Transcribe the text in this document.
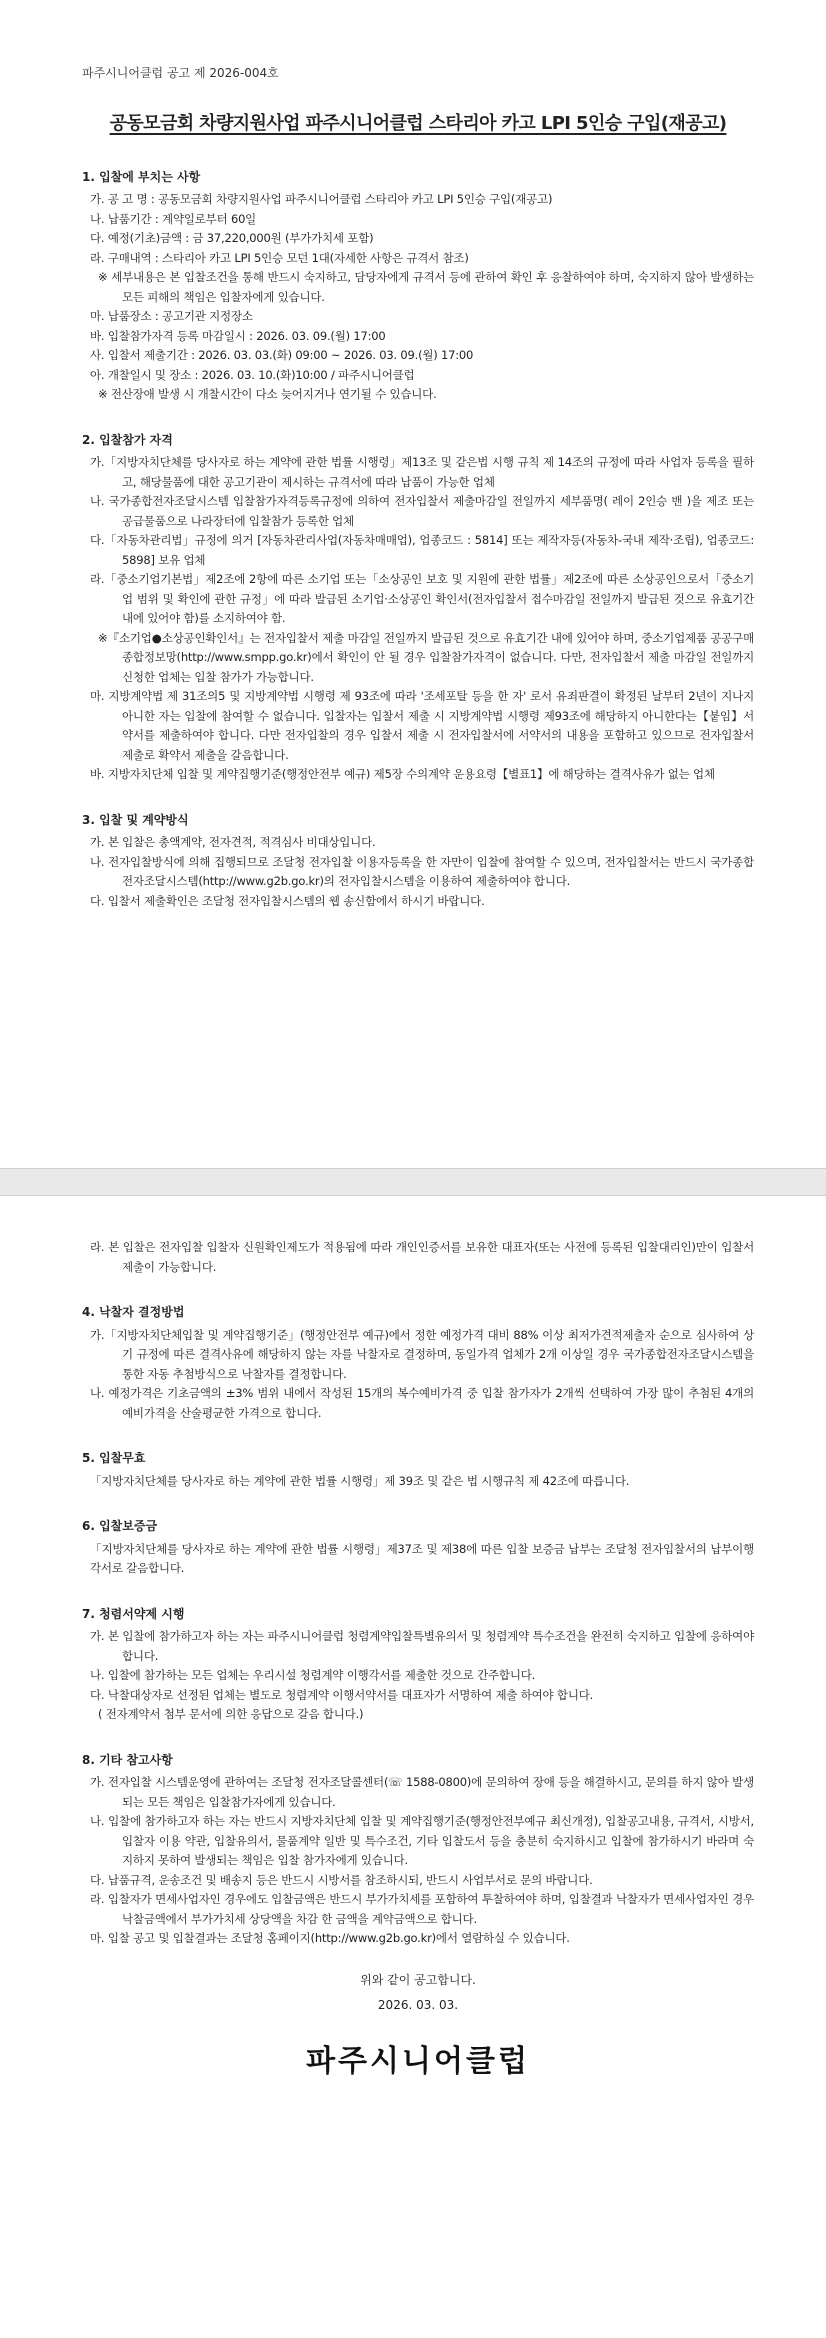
파주시니어클럽 공고 제 2026-004호
공동모금회 차량지원사업 파주시니어클럽 스타리아 카고 LPI 5인승 구입(재공고)
1. 입찰에 부치는 사항
가. 공 고 명 : 공동모금회 차량지원사업 파주시니어클럽 스타리아 카고 LPI 5인승 구입(재공고)
나. 납품기간 : 계약일로부터 60일
다. 예정(기초)금액 : 금 37,220,000원 (부가가치세 포함)
라. 구매내역 : 스타리아 카고 LPI 5인승 모던 1대(자세한 사항은 규격서 참조)
※ 세부내용은 본 입찰조건을 통해 반드시 숙지하고, 담당자에게 규격서 등에 관하여 확인 후 응찰하여야 하며, 숙지하지 않아 발생하는 모든 피해의 책임은 입찰자에게 있습니다.
마. 납품장소 : 공고기관 지정장소
바. 입찰참가자격 등록 마감일시 : 2026. 03. 09.(월) 17:00
사. 입찰서 제출기간 : 2026. 03. 03.(화) 09:00 ~ 2026. 03. 09.(월) 17:00
아. 개찰일시 및 장소 : 2026. 03. 10.(화)10:00 / 파주시니어클럽
※ 전산장애 발생 시 개찰시간이 다소 늦어지거나 연기될 수 있습니다.
2. 입찰참가 자격
가.「지방자치단체를 당사자로 하는 계약에 관한 법률 시행령」제13조 및 같은법 시행 규칙 제 14조의 규정에 따라 사업자 등록을 필하고, 해당물품에 대한 공고기관이 제시하는 규격서에 따라 납품이 가능한 업체
나. 국가종합전자조달시스템 입찰참가자격등록규정에 의하여 전자입찰서 제출마감일 전일까지 세부품명( 레이 2인승 밴 )을 제조 또는 공급물품으로 나라장터에 입찰참가 등록한 업체
다.「자동차관리법」규정에 의거 [자동차관리사업(자동차매매업), 업종코드 : 5814] 또는 제작자등(자동차-국내 제작·조립), 업종코드: 5898] 보유 업체
라.「중소기업기본법」제2조에 2항에 따른 소기업 또는「소상공인 보호 및 지원에 관한 법률」제2조에 따른 소상공인으로서「중소기업 범위 및 확인에 관한 규정」에 따라 발급된 소기업·소상공인 확인서(전자입찰서 접수마감일 전일까지 발급된 것으로 유효기간 내에 있어야 함)를 소지하여야 함.
※『소기업●소상공인확인서』는 전자입찰서 제출 마감일 전일까지 발급된 것으로 유효기간 내에 있어야 하며, 중소기업제품 공공구매 종합정보망(http://www.smpp.go.kr)에서 확인이 안 될 경우 입찰참가자격이 없습니다. 다만, 전자입찰서 제출 마감일 전일까지 신청한 업체는 입찰 참가가 가능합니다.
마. 지방계약법 제 31조의5 및 지방계약법 시행령 제 93조에 따라 '조세포탈 등을 한 자' 로서 유죄판결이 확정된 날부터 2년이 지나지 아니한 자는 입찰에 참여할 수 없습니다. 입찰자는 입찰서 제출 시 지방계약법 시행령 제93조에 해당하지 아니한다는【붙임】서약서를 제출하여야 합니다. 다만 전자입찰의 경우 입찰서 제출 시 전자입찰서에 서약서의 내용을 포함하고 있으므로 전자입찰서 제출로 확약서 제출을 갈음합니다.
바. 지방자치단체 입찰 및 계약집행기준(행정안전부 예규) 제5장 수의계약 운용요령【별표1】에 해당하는 결격사유가 없는 업체
3. 입찰 및 계약방식
가. 본 입찰은 총액계약, 전자견적, 적격심사 비대상입니다.
나. 전자입찰방식에 의해 집행되므로 조달청 전자입찰 이용자등록을 한 자만이 입찰에 참여할 수 있으며, 전자입찰서는 반드시 국가종합전자조달시스템(http://www.g2b.go.kr)의 전자입찰시스템을 이용하여 제출하여야 합니다.
다. 입찰서 제출확인은 조달청 전자입찰시스템의 웹 송신함에서 하시기 바랍니다.
라. 본 입찰은 전자입찰 입찰자 신원확인제도가 적용됨에 따라 개인인증서를 보유한 대표자(또는 사전에 등록된 입찰대리인)만이 입찰서 제출이 가능합니다.
4. 낙찰자 결정방법
가.「지방자치단체입찰 및 계약집행기준」(행정안전부 예규)에서 정한 예정가격 대비 88% 이상 최저가견적제출자 순으로 심사하여 상기 규정에 따른 결격사유에 해당하지 않는 자를 낙찰자로 결정하며, 동일가격 업체가 2개 이상일 경우 국가종합전자조달시스템을 통한 자동 추첨방식으로 낙찰자를 결정합니다.
나. 예정가격은 기초금액의 ±3% 범위 내에서 작성된 15개의 복수예비가격 중 입찰 참가자가 2개씩 선택하여 가장 많이 추첨된 4개의 예비가격을 산술평균한 가격으로 합니다.
5. 입찰무효
「지방자치단체를 당사자로 하는 계약에 관한 법률 시행령」제 39조 및 같은 법 시행규칙 제 42조에 따릅니다.
6. 입찰보증금
「지방자치단체를 당사자로 하는 계약에 관한 법률 시행령」제37조 및 제38에 따른 입찰 보증금 납부는 조달청 전자입찰서의 납부이행각서로 갈음합니다.
7. 청렴서약제 시행
가. 본 입찰에 참가하고자 하는 자는 파주시니어클럽 청렴계약입찰특별유의서 및 청렴계약 특수조건을 완전히 숙지하고 입찰에 응하여야 합니다.
나. 입찰에 참가하는 모든 업체는 우리시설 청렴계약 이행각서를 제출한 것으로 간주합니다.
다. 낙찰대상자로 선정된 업체는 별도로 청렴계약 이행서약서를 대표자가 서명하여 제출 하여야 합니다.
( 전자계약서 첨부 문서에 의한 응답으로 갈음 합니다.)
8. 기타 참고사항
가. 전자입찰 시스템운영에 관하여는 조달청 전자조달콜센터(☏ 1588-0800)에 문의하여 장애 등을 해결하시고, 문의를 하지 않아 발생되는 모든 책임은 입찰참가자에게 있습니다.
나. 입찰에 참가하고자 하는 자는 반드시 지방자치단체 입찰 및 계약집행기준(행정안전부예규 최신개정), 입찰공고내용, 규격서, 시방서, 입찰자 이용 약관, 입찰유의서, 물품계약 일반 및 특수조건, 기타 입찰도서 등을 충분히 숙지하시고 입찰에 참가하시기 바라며 숙지하지 못하여 발생되는 책임은 입찰 참가자에게 있습니다.
다. 납품규격, 운송조건 및 배송지 등은 반드시 시방서를 참조하시되, 반드시 사업부서로 문의 바랍니다.
라. 입찰자가 면세사업자인 경우에도 입찰금액은 반드시 부가가치세를 포함하여 투찰하여야 하며, 입찰결과 낙찰자가 면세사업자인 경우 낙찰금액에서 부가가치세 상당액을 차감 한 금액을 계약금액으로 합니다.
마. 입찰 공고 및 입찰결과는 조달청 홈페이지(http://www.g2b.go.kr)에서 열람하실 수 있습니다.
위와 같이 공고합니다.
2026. 03. 03.
파주시니어클럽
